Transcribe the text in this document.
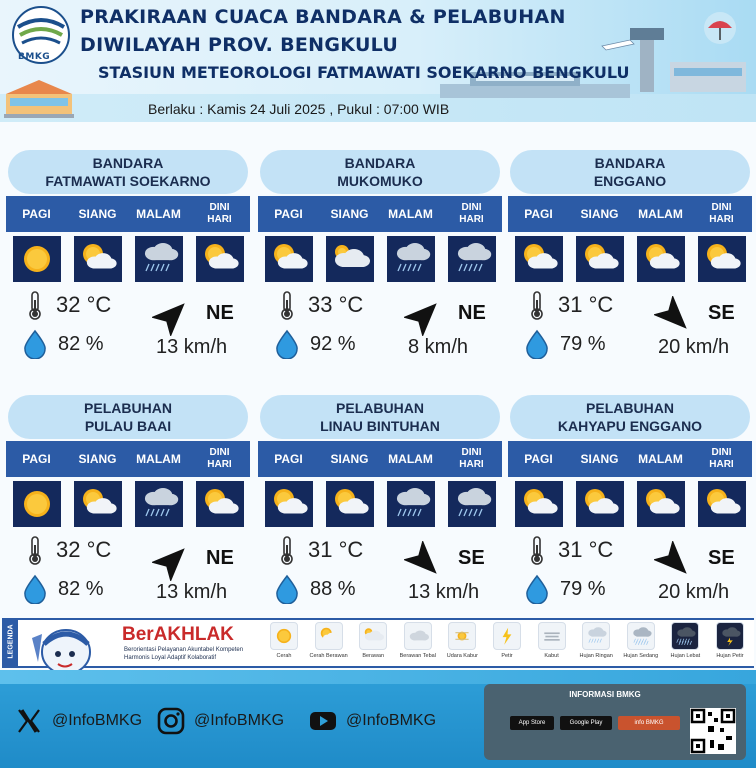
BMKG
PRAKIRAAN CUACA BANDARA & PELABUHAN
DIWILAYAH PROV. BENGKULU
STASIUN METEOROLOGI FATMAWATI SOEKARNO BENGKULU
Berlaku : Kamis 24 Juli 2025 , Pukul : 07:00 WIB
BANDARA
FATMAWATI SOEKARNO
PAGI	SIANG	MALAM	DINI
HARI
32 °C
82 %
NE
13 km/h
BANDARA
MUKOMUKO
PAGI	SIANG	MALAM	DINI
HARI
33 °C
92 %
NE
8 km/h
BANDARA
ENGGANO
PAGI	SIANG	MALAM	DINI
HARI
31 °C
79 %
SE
20 km/h
PELABUHAN
PULAU BAAI
PAGI	SIANG	MALAM	DINI
HARI
32 °C
82 %
NE
13 km/h
PELABUHAN
LINAU BINTUHAN
PAGI	SIANG	MALAM	DINI
HARI
31 °C
88 %
SE
13 km/h
PELABUHAN
KAHYAPU ENGGANO
PAGI	SIANG	MALAM	DINI
HARI
31 °C
79 %
SE
20 km/h
LEGENDA	BerAKHLAK
Berorientasi Pelayanan Akuntabel Kompeten Harmonis Loyal Adaptif Kolaboratif	Cerah	Cerah Berawan	Berawan	Berawan Tebal Udara Kabur	Petir	Kabut	Hujan Ringan Hujan Sedang Hujan Lebat	Hujan Petir
@InfoBMKG	@InfoBMKG	@InfoBMKG
INFORMASI BMKG
App Store	Google Play	info BMKG
